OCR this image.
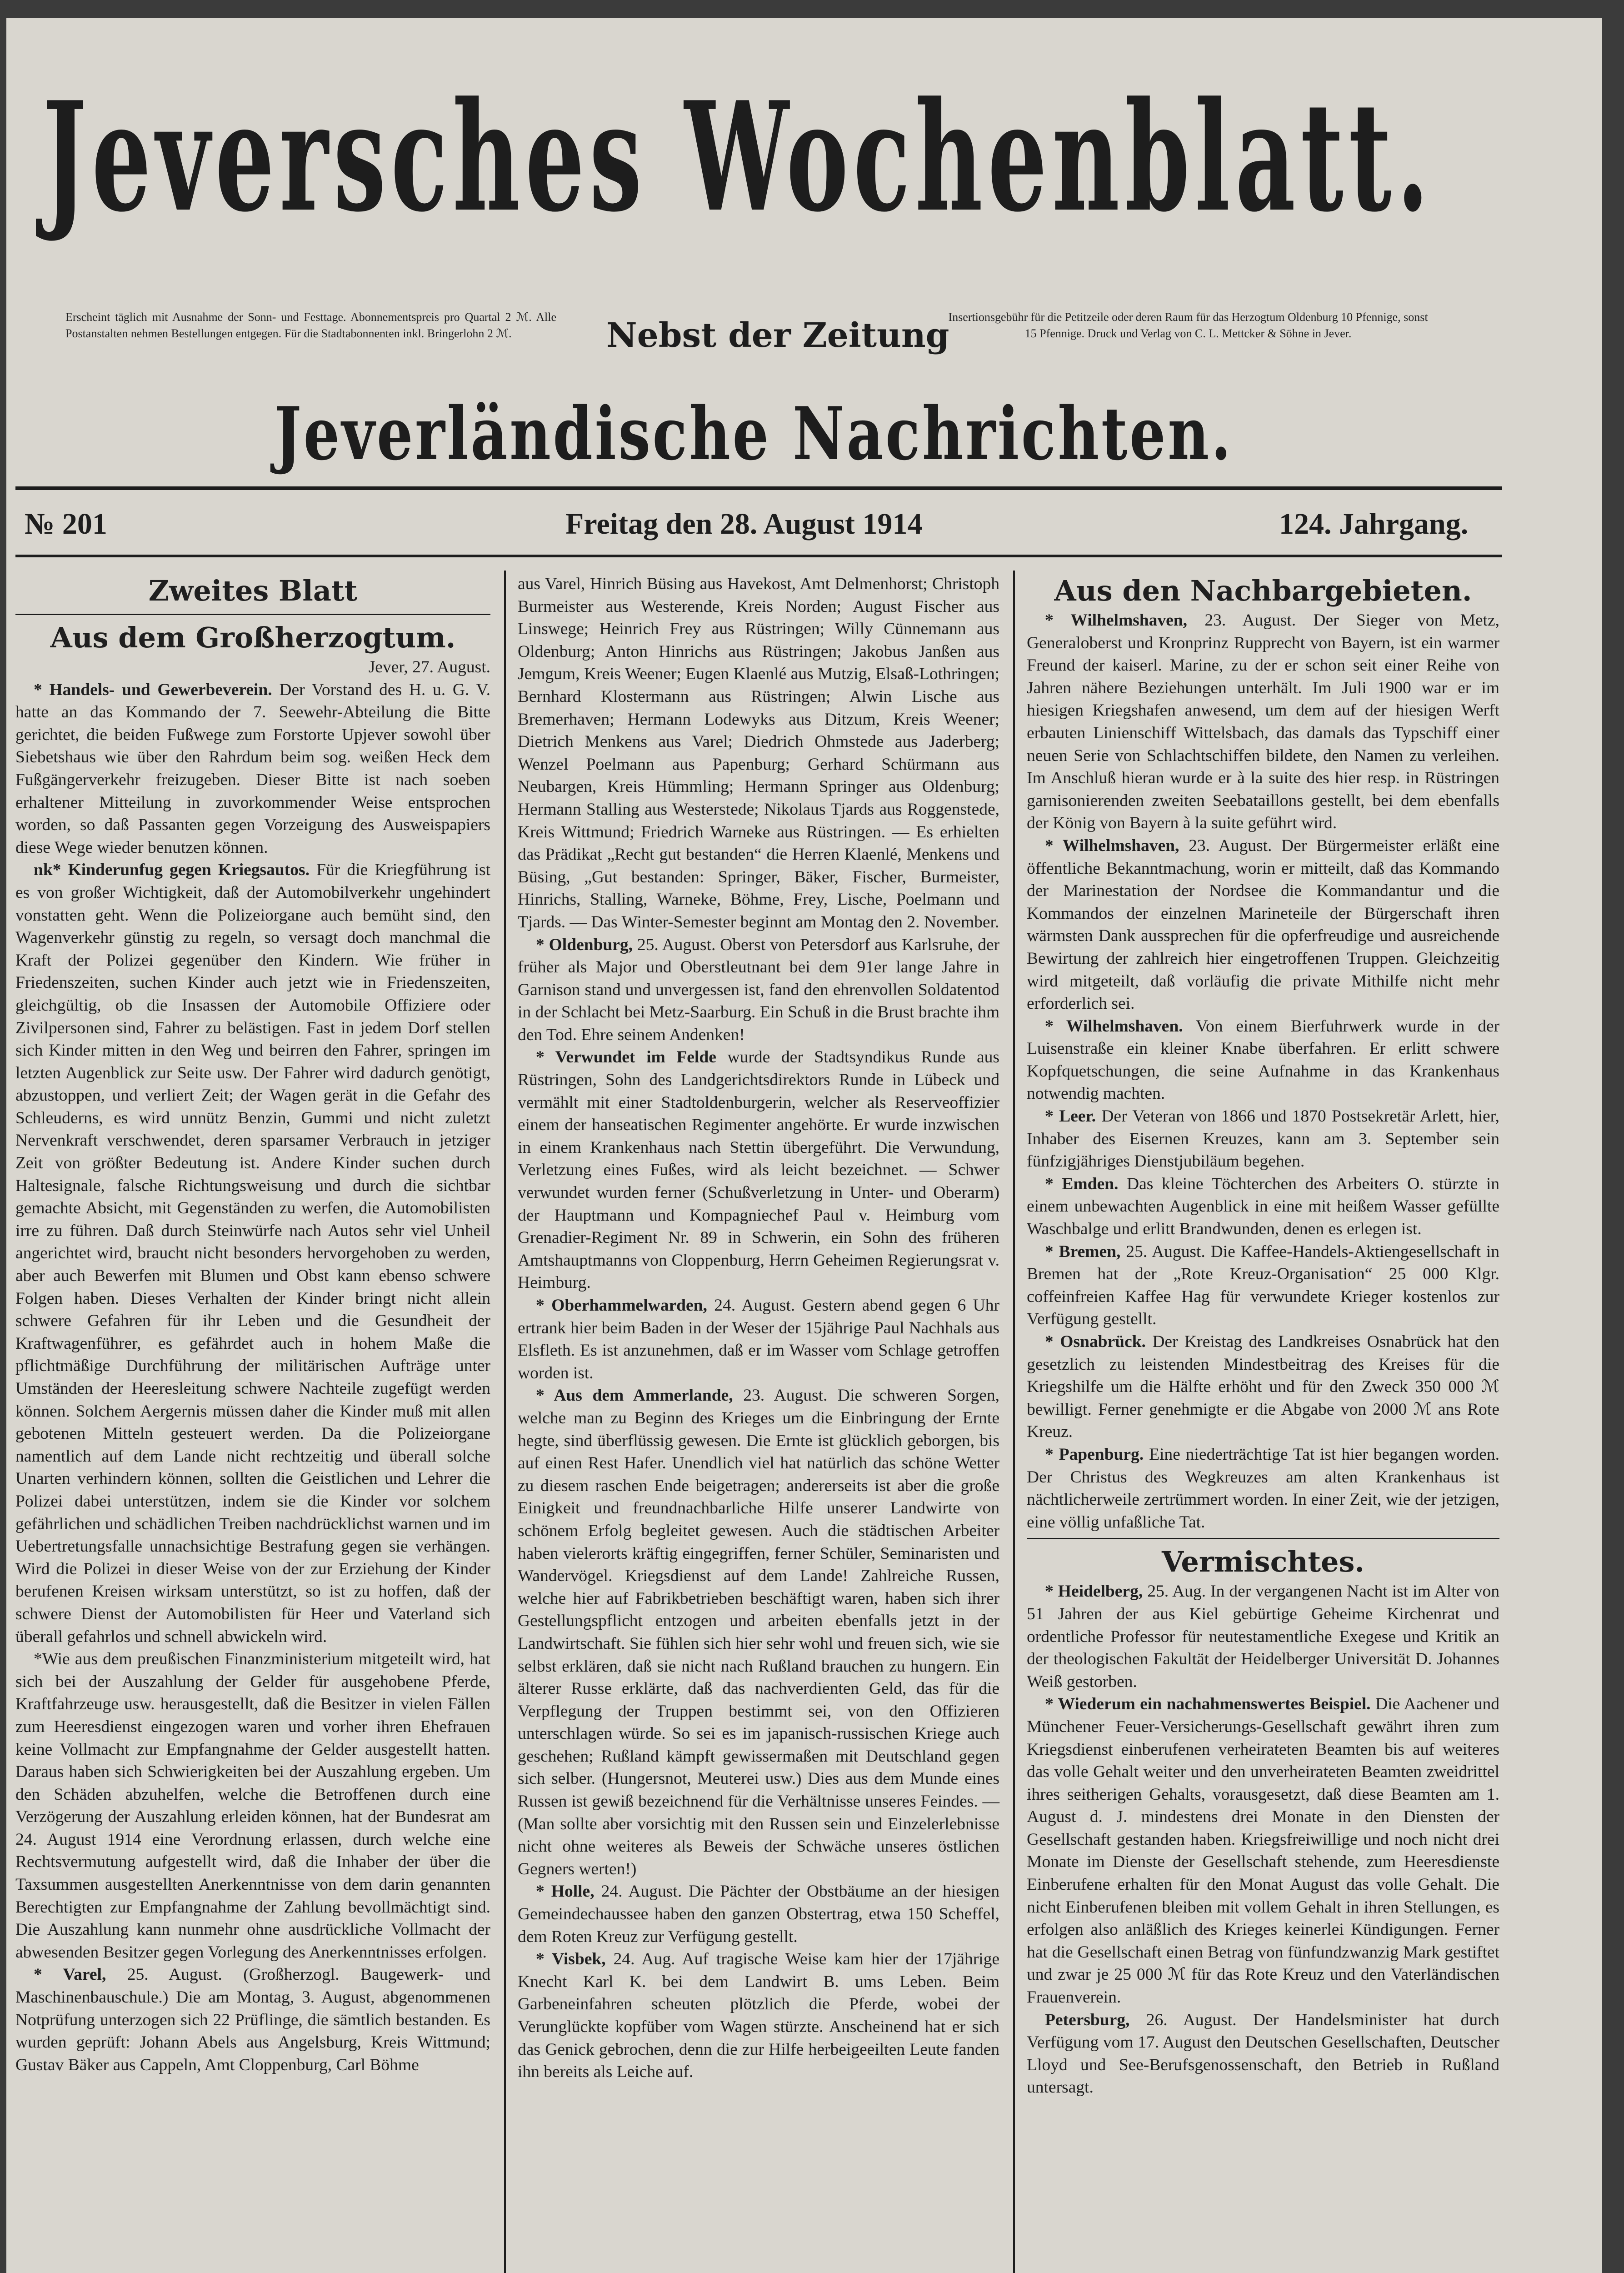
Jeversches Wochenblatt.
Erscheint täglich mit Ausnahme der Sonn- und Festtage. Abonnementspreis pro Quartal 2 ℳ. Alle Postanstalten nehmen Bestellungen entgegen. Für die Stadtabonnenten inkl. Bringerlohn 2 ℳ.	Nebst der Zeitung
Insertionsgebühr für die Petitzeile oder deren Raum für das Herzogtum Oldenburg 10 Pfennige, sonst 15 Pfennige. Druck und Verlag von C. L. Mettcker & Söhne in Jever.
Jeverländische Nachrichten.
№ 201	Freitag den 28. August 1914	124. Jahrgang.

Zweites Blatt

Aus dem Großherzogtum.

Jever, 27. August.

* Handels- und Gewerbeverein. Der Vorstand des H. u. G. V. hatte an das Kommando der 7. Seewehr-Abteilung die Bitte gerichtet, die beiden Fußwege zum Forstorte Upjever sowohl über Siebetshaus wie über den Rahrdum beim sog. weißen Heck dem Fußgängerverkehr freizugeben. Dieser Bitte ist nach soeben erhaltener Mitteilung in zuvorkommender Weise entsprochen worden, so daß Passanten gegen Vorzeigung des Ausweispapiers diese Wege wieder benutzen können.

nk* Kinderunfug gegen Kriegsautos. Für die Kriegführung ist es von großer Wichtigkeit, daß der Automobilverkehr ungehindert vonstatten geht. Wenn die Polizeiorgane auch bemüht sind, den Wagenverkehr günstig zu regeln, so versagt doch manchmal die Kraft der Polizei gegenüber den Kindern. Wie früher in Friedenszeiten, suchen Kinder auch jetzt wie in Friedenszeiten, gleichgültig, ob die Insassen der Automobile Offiziere oder Zivilpersonen sind, Fahrer zu belästigen. Fast in jedem Dorf stellen sich Kinder mitten in den Weg und beirren den Fahrer, springen im letzten Augenblick zur Seite usw. Der Fahrer wird dadurch genötigt, abzustoppen, und verliert Zeit; der Wagen gerät in die Gefahr des Schleuderns, es wird unnütz Benzin, Gummi und nicht zuletzt Nervenkraft verschwendet, deren sparsamer Verbrauch in jetziger Zeit von größter Bedeutung ist. Andere Kinder suchen durch Haltesignale, falsche Richtungsweisung und durch die sichtbar gemachte Absicht, mit Gegenständen zu werfen, die Automobilisten irre zu führen. Daß durch Steinwürfe nach Autos sehr viel Unheil angerichtet wird, braucht nicht besonders hervorgehoben zu werden, aber auch Bewerfen mit Blumen und Obst kann ebenso schwere Folgen haben. Dieses Verhalten der Kinder bringt nicht allein schwere Gefahren für ihr Leben und die Gesundheit der Kraftwagenführer, es gefährdet auch in hohem Maße die pflichtmäßige Durchführung der militärischen Aufträge unter Umständen der Heeresleitung schwere Nachteile zugefügt werden können. Solchem Aergernis müssen daher die Kinder muß mit allen gebotenen Mitteln gesteuert werden. Da die Polizeiorgane namentlich auf dem Lande nicht rechtzeitig und überall solche Unarten verhindern können, sollten die Geistlichen und Lehrer die Polizei dabei unterstützen, indem sie die Kinder vor solchem gefährlichen und schädlichen Treiben nachdrücklichst warnen und im Uebertretungsfalle unnachsichtige Bestrafung gegen sie verhängen. Wird die Polizei in dieser Weise von der zur Erziehung der Kinder berufenen Kreisen wirksam unterstützt, so ist zu hoffen, daß der schwere Dienst der Automobilisten für Heer und Vaterland sich überall gefahrlos und schnell abwickeln wird.

*Wie aus dem preußischen Finanzministerium mitgeteilt wird, hat sich bei der Auszahlung der Gelder für ausgehobene Pferde, Kraftfahrzeuge usw. herausgestellt, daß die Besitzer in vielen Fällen zum Heeresdienst eingezogen waren und vorher ihren Ehefrauen keine Vollmacht zur Empfangnahme der Gelder ausgestellt hatten. Daraus haben sich Schwierigkeiten bei der Auszahlung ergeben. Um den Schäden abzuhelfen, welche die Betroffenen durch eine Verzögerung der Auszahlung erleiden können, hat der Bundesrat am 24. August 1914 eine Verordnung erlassen, durch welche eine Rechtsvermutung aufgestellt wird, daß die Inhaber der über die Taxsummen ausgestellten Anerkenntnisse von dem darin genannten Berechtigten zur Empfangnahme der Zahlung bevollmächtigt sind. Die Auszahlung kann nunmehr ohne ausdrückliche Vollmacht der abwesenden Besitzer gegen Vorlegung des Anerkenntnisses erfolgen.

* Varel, 25. August. (Großherzogl. Baugewerk- und Maschinenbauschule.) Die am Montag, 3. August, abgenommenen Notprüfung unterzogen sich 22 Prüflinge, die sämtlich bestanden. Es wurden geprüft: Johann Abels aus Angelsburg, Kreis Wittmund; Gustav Bäker aus Cappeln, Amt Cloppenburg, Carl Böhme

aus Varel, Hinrich Büsing aus Havekost, Amt Delmenhorst; Christoph Burmeister aus Westerende, Kreis Norden; August Fischer aus Linswege; Heinrich Frey aus Rüstringen; Willy Cünnemann aus Oldenburg; Anton Hinrichs aus Rüstringen; Jakobus Janßen aus Jemgum, Kreis Weener; Eugen Klaenlé aus Mutzig, Elsaß-Lothringen; Bernhard Klostermann aus Rüstringen; Alwin Lische aus Bremerhaven; Hermann Lodewyks aus Ditzum, Kreis Weener; Dietrich Menkens aus Varel; Diedrich Ohmstede aus Jaderberg; Wenzel Poelmann aus Papenburg; Gerhard Schürmann aus Neubargen, Kreis Hümmling; Hermann Springer aus Oldenburg; Hermann Stalling aus Westerstede; Nikolaus Tjards aus Roggenstede, Kreis Wittmund; Friedrich Warneke aus Rüstringen. — Es erhielten das Prädikat „Recht gut bestanden“ die Herren Klaenlé, Menkens und Büsing, „Gut bestanden: Springer, Bäker, Fischer, Burmeister, Hinrichs, Stalling, Warneke, Böhme, Frey, Lische, Poelmann und Tjards. — Das Winter-Semester beginnt am Montag den 2. November.

* Oldenburg, 25. August. Oberst von Petersdorf aus Karlsruhe, der früher als Major und Oberstleutnant bei dem 91er lange Jahre in Garnison stand und unvergessen ist, fand den ehrenvollen Soldatentod in der Schlacht bei Metz-Saarburg. Ein Schuß in die Brust brachte ihm den Tod. Ehre seinem Andenken!

* Verwundet im Felde wurde der Stadtsyndikus Runde aus Rüstringen, Sohn des Landgerichtsdirektors Runde in Lübeck und vermählt mit einer Stadtoldenburgerin, welcher als Reserveoffizier einem der hanseatischen Regimenter angehörte. Er wurde inzwischen in einem Krankenhaus nach Stettin übergeführt. Die Verwundung, Verletzung eines Fußes, wird als leicht bezeichnet. — Schwer verwundet wurden ferner (Schußverletzung in Unter- und Oberarm) der Hauptmann und Kompagniechef Paul v. Heimburg vom Grenadier-Regiment Nr. 89 in Schwerin, ein Sohn des früheren Amtshauptmanns von Cloppenburg, Herrn Geheimen Regierungsrat v. Heimburg.

* Oberhammelwarden, 24. August. Gestern abend gegen 6 Uhr ertrank hier beim Baden in der Weser der 15jährige Paul Nachhals aus Elsfleth. Es ist anzunehmen, daß er im Wasser vom Schlage getroffen worden ist.

* Aus dem Ammerlande, 23. August. Die schweren Sorgen, welche man zu Beginn des Krieges um die Einbringung der Ernte hegte, sind überflüssig gewesen. Die Ernte ist glücklich geborgen, bis auf einen Rest Hafer. Unendlich viel hat natürlich das schöne Wetter zu diesem raschen Ende beigetragen; andererseits ist aber die große Einigkeit und freundnachbarliche Hilfe unserer Landwirte von schönem Erfolg begleitet gewesen. Auch die städtischen Arbeiter haben vielerorts kräftig eingegriffen, ferner Schüler, Seminaristen und Wandervögel. Kriegsdienst auf dem Lande! Zahlreiche Russen, welche hier auf Fabrikbetrieben beschäftigt waren, haben sich ihrer Gestellungspflicht entzogen und arbeiten ebenfalls jetzt in der Landwirtschaft. Sie fühlen sich hier sehr wohl und freuen sich, wie sie selbst erklären, daß sie nicht nach Rußland brauchen zu hungern. Ein älterer Russe erklärte, daß das nachverdienten Geld, das für die Verpflegung der Truppen bestimmt sei, von den Offizieren unterschlagen würde. So sei es im japanisch-russischen Kriege auch geschehen; Rußland kämpft gewissermaßen mit Deutschland gegen sich selber. (Hungersnot, Meuterei usw.) Dies aus dem Munde eines Russen ist gewiß bezeichnend für die Verhältnisse unseres Feindes. — (Man sollte aber vorsichtig mit den Russen sein und Einzelerlebnisse nicht ohne weiteres als Beweis der Schwäche unseres östlichen Gegners werten!)

* Holle, 24. August. Die Pächter der Obstbäume an der hiesigen Gemeindechaussee haben den ganzen Obstertrag, etwa 150 Scheffel, dem Roten Kreuz zur Verfügung gestellt.

* Visbek, 24. Aug. Auf tragische Weise kam hier der 17jährige Knecht Karl K. bei dem Landwirt B. ums Leben. Beim Garbeneinfahren scheuten plötzlich die Pferde, wobei der Verunglückte kopfüber vom Wagen stürzte. Anscheinend hat er sich das Genick gebrochen, denn die zur Hilfe herbeigeeilten Leute fanden ihn bereits als Leiche auf.

Aus den Nachbargebieten.

* Wilhelmshaven, 23. August. Der Sieger von Metz, Generaloberst und Kronprinz Rupprecht von Bayern, ist ein warmer Freund der kaiserl. Marine, zu der er schon seit einer Reihe von Jahren nähere Beziehungen unterhält. Im Juli 1900 war er im hiesigen Kriegshafen anwesend, um dem auf der hiesigen Werft erbauten Linienschiff Wittelsbach, das damals das Typschiff einer neuen Serie von Schlachtschiffen bildete, den Namen zu verleihen. Im Anschluß hieran wurde er à la suite des hier resp. in Rüstringen garnisonierenden zweiten Seebataillons gestellt, bei dem ebenfalls der König von Bayern à la suite geführt wird.

* Wilhelmshaven, 23. August. Der Bürgermeister erläßt eine öffentliche Bekanntmachung, worin er mitteilt, daß das Kommando der Marinestation der Nordsee die Kommandantur und die Kommandos der einzelnen Marineteile der Bürgerschaft ihren wärmsten Dank aussprechen für die opferfreudige und ausreichende Bewirtung der zahlreich hier eingetroffenen Truppen. Gleichzeitig wird mitgeteilt, daß vorläufig die private Mithilfe nicht mehr erforderlich sei.

* Wilhelmshaven. Von einem Bierfuhrwerk wurde in der Luisenstraße ein kleiner Knabe überfahren. Er erlitt schwere Kopfquetschungen, die seine Aufnahme in das Krankenhaus notwendig machten.

* Leer. Der Veteran von 1866 und 1870 Postsekretär Arlett, hier, Inhaber des Eisernen Kreuzes, kann am 3. September sein fünfzigjähriges Dienstjubiläum begehen.

* Emden. Das kleine Töchterchen des Arbeiters O. stürzte in einem unbewachten Augenblick in eine mit heißem Wasser gefüllte Waschbalge und erlitt Brandwunden, denen es erlegen ist.

* Bremen, 25. August. Die Kaffee-Handels-Aktiengesellschaft in Bremen hat der „Rote Kreuz-Organisation“ 25 000 Klgr. coffeinfreien Kaffee Hag für verwundete Krieger kostenlos zur Verfügung gestellt.

* Osnabrück. Der Kreistag des Landkreises Osnabrück hat den gesetzlich zu leistenden Mindestbeitrag des Kreises für die Kriegshilfe um die Hälfte erhöht und für den Zweck 350 000 ℳ bewilligt. Ferner genehmigte er die Abgabe von 2000 ℳ ans Rote Kreuz.

* Papenburg. Eine niederträchtige Tat ist hier begangen worden. Der Christus des Wegkreuzes am alten Krankenhaus ist nächtlicherweile zertrümmert worden. In einer Zeit, wie der jetzigen, eine völlig unfaßliche Tat.

Vermischtes.

* Heidelberg, 25. Aug. In der vergangenen Nacht ist im Alter von 51 Jahren der aus Kiel gebürtige Geheime Kirchenrat und ordentliche Professor für neutestamentliche Exegese und Kritik an der theologischen Fakultät der Heidelberger Universität D. Johannes Weiß gestorben.

* Wiederum ein nachahmenswertes Beispiel. Die Aachener und Münchener Feuer-Versicherungs-Gesellschaft gewährt ihren zum Kriegsdienst einberufenen verheirateten Beamten bis auf weiteres das volle Gehalt weiter und den unverheirateten Beamten zweidrittel ihres seitherigen Gehalts, vorausgesetzt, daß diese Beamten am 1. August d. J. mindestens drei Monate in den Diensten der Gesellschaft gestanden haben. Kriegsfreiwillige und noch nicht drei Monate im Dienste der Gesellschaft stehende, zum Heeresdienste Einberufene erhalten für den Monat August das volle Gehalt. Die nicht Einberufenen bleiben mit vollem Gehalt in ihren Stellungen, es erfolgen also anläßlich des Krieges keinerlei Kündigungen. Ferner hat die Gesellschaft einen Betrag von fünfundzwanzig Mark gestiftet und zwar je 25 000 ℳ für das Rote Kreuz und den Vaterländischen Frauenverein.

Petersburg, 26. August. Der Handelsminister hat durch Verfügung vom 17. August den Deutschen Gesellschaften, Deutscher Lloyd und See-Berufsgenossenschaft, den Betrieb in Rußland untersagt.
